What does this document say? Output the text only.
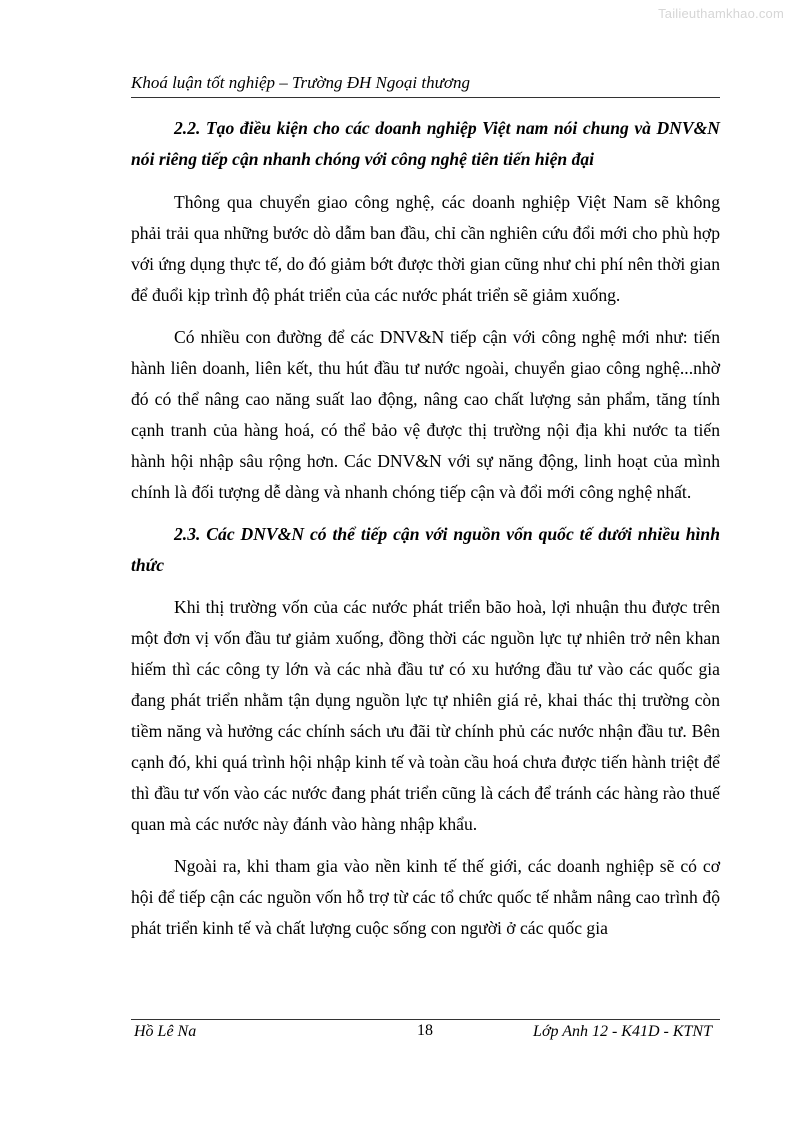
Tailieuthamkhao.com
Khoá luận tốt nghiệp – Trường ĐH Ngoại thương

2.2. Tạo điều kiện cho các doanh nghiệp Việt nam nói chung và DNV&N nói riêng tiếp cận nhanh chóng với công nghệ tiên tiến hiện đại

Thông qua chuyển giao công nghệ, các doanh nghiệp Việt Nam sẽ không phải trải qua những bước dò dẫm ban đầu, chỉ cần nghiên cứu đổi mới cho phù hợp với ứng dụng thực tế, do đó giảm bớt được thời gian cũng như chi phí nên thời gian để đuổi kịp trình độ phát triển của các nước phát triển sẽ giảm xuống.

Có nhiều con đường để các DNV&N tiếp cận với công nghệ mới như: tiến hành liên doanh, liên kết, thu hút đầu tư nước ngoài, chuyển giao công nghệ...nhờ đó có thể nâng cao năng suất lao động, nâng cao chất lượng sản phẩm, tăng tính cạnh tranh của hàng hoá, có thể bảo vệ được thị trường nội địa khi nước ta tiến hành hội nhập sâu rộng hơn. Các DNV&N với sự năng động, linh hoạt của mình chính là đối tượng dễ dàng và nhanh chóng tiếp cận và đổi mới công nghệ nhất.

2.3. Các DNV&N có thể tiếp cận với nguồn vốn quốc tế dưới nhiều hình thức

Khi thị trường vốn của các nước phát triển bão hoà, lợi nhuận thu được trên một đơn vị vốn đầu tư giảm xuống, đồng thời các nguồn lực tự nhiên trở nên khan hiếm thì các công ty lớn và các nhà đầu tư có xu hướng đầu tư vào các quốc gia đang phát triển nhằm tận dụng nguồn lực tự nhiên giá rẻ, khai thác thị trường còn tiềm năng và hưởng các chính sách ưu đãi từ chính phủ các nước nhận đầu tư. Bên cạnh đó, khi quá trình hội nhập kinh tế và toàn cầu hoá chưa được tiến hành triệt để thì đầu tư vốn vào các nước đang phát triển cũng là cách để tránh các hàng rào thuế quan mà các nước này đánh vào hàng nhập khẩu.

Ngoài ra, khi tham gia vào nền kinh tế thế giới, các doanh nghiệp sẽ có cơ hội để tiếp cận các nguồn vốn hỗ trợ từ các tổ chức quốc tế nhằm nâng cao trình độ phát triển kinh tế và chất lượng cuộc sống con người ở các quốc gia

Hồ Lê Na	18	Lớp Anh 12 - K41D - KTNT
